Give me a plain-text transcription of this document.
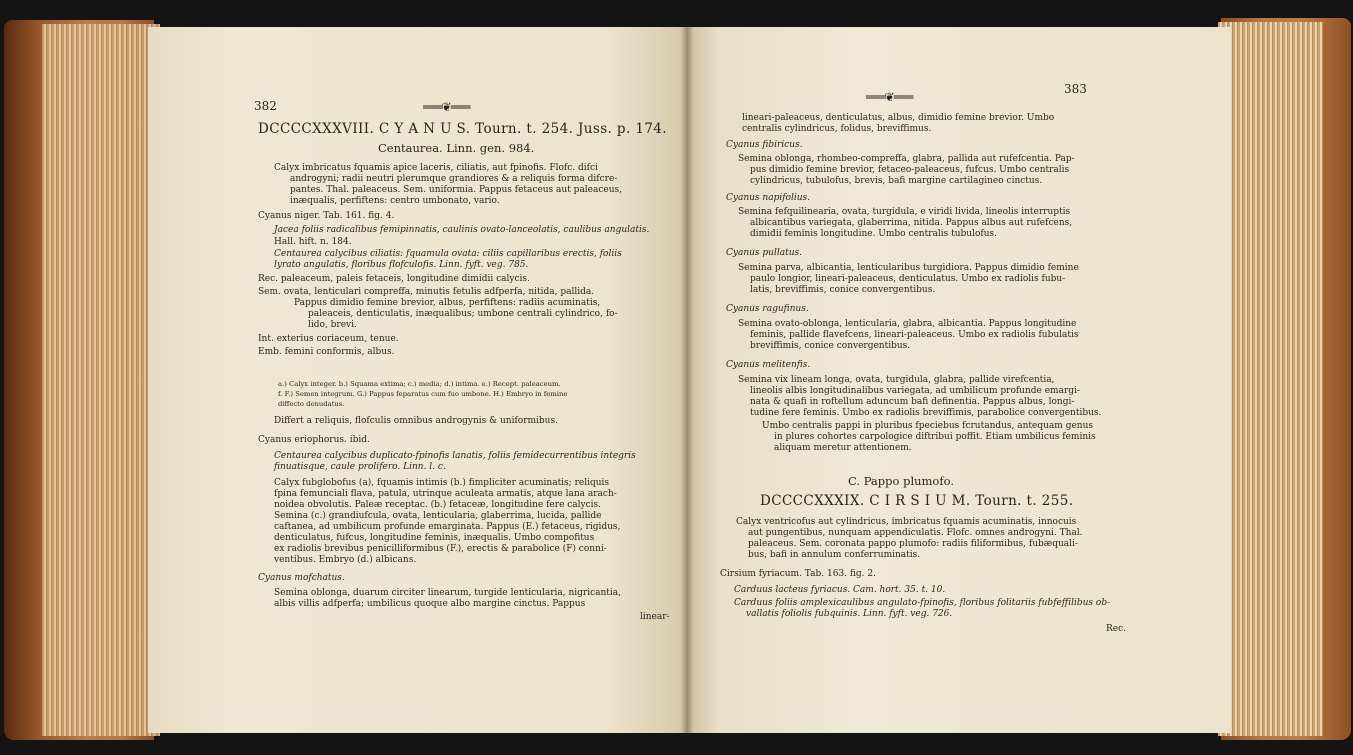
382	═══❦═══
DCCCCXXXVIII. C Y A N U S. Tourn. t. 254. Juss. p. 174.
Centaurea. Linn. gen. 984.
Calyx imbricatus fquamis apice laceris, ciliatis, aut fpinofis. Flofc. difci
androgyni; radii neutri plerumque grandiores & a reliquis forma difcre-
pantes. Thal. paleaceus. Sem. uniformia. Pappus fetaceus aut paleaceus,
inæqualis, perfiftens: centro umbonato, vario.
Cyanus niger. Tab. 161. fig. 4.
Jacea foliis radicalibus femipinnatis, caulinis ovato-lanceolatis, caulibus angulatis.
Hall. hift. n. 184.
Centaurea calycibus ciliatis: fquamula ovata: ciliis capillaribus erectis, foliis
lyrato angulatis, floribus flofculofis. Linn. fyft. veg. 785.
Rec. paleaceum, paleis fetaceis, longitudine dimidii calycis.
Sem. ovata, lenticulari compreffa, minutis fetulis adfperfa, nitida, pallida.
Pappus dimidio femine brevior, albus, perfiftens: radiis acuminatis,
paleaceis, denticulatis, inæqualibus; umbone centrali cylindrico, fo-
lido, brevi.
Int. exterius coriaceum, tenue.
Emb. femini conformis, albus.
a.) Calyx integer. b.) Squama extima; c.) media; d.) intima. e.) Recept. paleaceum.
f. F.) Semen integrum. G.) Pappus feparatus cum fuo umbone. H.) Embryo in femine
diffecto denudatus.
Differt a reliquis, flofculis omnibus androgynis & uniformibus.
Cyanus eriophorus. ibid.
Centaurea calycibus duplicato-fpinofis lanatis, foliis femidecurrentibus integris
finuatisque, caule prolifero. Linn. l. c.
Calyx fubglobofus (a), fquamis intimis (b.) fimpliciter acuminatis; reliquis
fpina femunciali flava, patula, utrinque aculeata armatis, atque lana arach-
noidea obvolutis. Paleæ receptac. (b.) fetaceæ, longitudine fere calycis.
Semina (c.) grandiufcula, ovata, lenticularia, glaberrima, lucida, pallide
caftanea, ad umbilicum profunde emarginata. Pappus (E.) fetaceus, rigidus,
denticulatus, fufcus, longitudine feminis, inæqualis. Umbo compofitus
ex radiolis brevibus penicilliformibus (F.), erectis & parabolice (F) conni-
ventibus. Embryo (d.) albicans.
Cyanus mofchatus.
Semina oblonga, duarum circiter linearum, turgide lenticularia, nigricantia,
albis villis adfperfa; umbilicus quoque albo margine cinctus. Pappus
linear-
═══❦═══
383
lineari-paleaceus, denticulatus, albus, dimidio femine brevior. Umbo
centralis cylindricus, folidus, breviffimus.
Cyanus fibiricus.
Semina oblonga, rhombeo-compreffa, glabra, pallida aut rufefcentia. Pap-
pus dimidio femine brevior, fetaceo-paleaceus, fufcus. Umbo centralis
cylindricus, tubulofus, brevis, bafi margine cartilagineo cinctus.
Cyanus napifolius.
Semina fefquilinearia, ovata, turgidula, e viridi livida, lineolis interruptis
albicantibus variegata, glaberrima, nitida. Pappus albus aut rufefcens,
dimidii feminis longitudine. Umbo centralis tubulofus.
Cyanus pullatus.
Semina parva, albicantia, lenticularibus turgidiora. Pappus dimidio femine
paulo longior, lineari-paleaceus, denticulatus. Umbo ex radiolis fubu-
latis, breviffimis, conice convergentibus.
Cyanus ragufinus.
Semina ovato-oblonga, lenticularia, glabra, albicantia. Pappus longitudine
feminis, pallide flavefcens, lineari-paleaceus. Umbo ex radiolis fubulatis
breviffimis, conice convergentibus.
Cyanus melitenfis.
Semina vix lineam longa, ovata, turgidula, glabra, pallide virefcentia,
lineolis albis longitudinalibus variegata, ad umbilicum profunde emargi-
nata & quafi in roftellum aduncum bafi definentia. Pappus albus, longi-
tudine fere feminis. Umbo ex radiolis breviffimis, parabolice convergentibus.
Umbo centralis pappi in pluribus fpeciebus fcrutandus, antequam genus
in plures cohortes carpologice diftribui poffit. Etiam umbilicus feminis
aliquam meretur attentionem.
C. Pappo plumofo.
DCCCCXXXIX. C I R S I U M. Tourn. t. 255.
Calyx ventricofus aut cylindricus, imbricatus fquamis acuminatis, innocuis
aut pungentibus, nunquam appendiculatis. Flofc. omnes androgyni. Thal.
paleaceus. Sem. coronata pappo plumofo: radiis filiformibus, fubæquali-
bus, bafi in annulum conferruminatis.
Cirsium fyriacum. Tab. 163. fig. 2.
Carduus lacteus fyriacus. Cam. hort. 35. t. 10.
Carduus foliis amplexicaulibus angulato-fpinofis, floribus folitariis fubfeffilibus ob-
vallatis foliolis fubquinis. Linn. fyft. veg. 726.
Rec.
